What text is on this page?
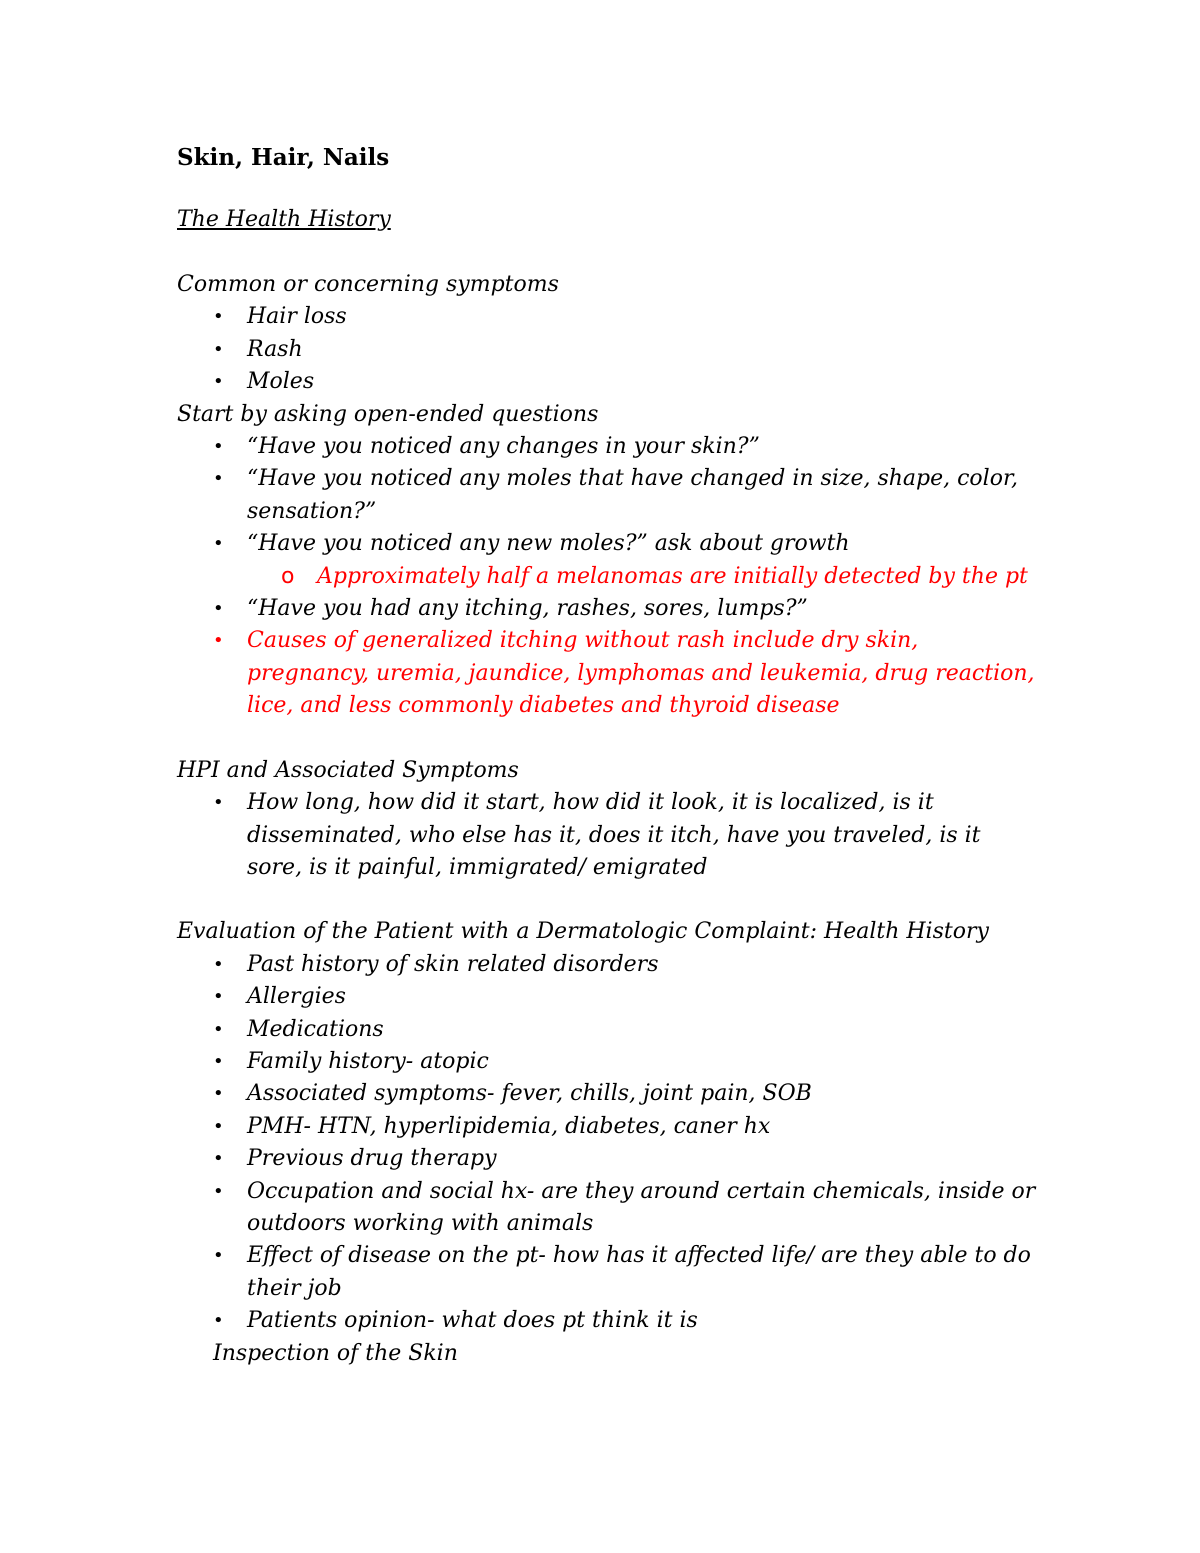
Skin, Hair, Nails

The Health History

Common or concerning symptoms

• Hair loss
• Rash
• Moles

Start by asking open-ended questions

• “Have you noticed any changes in your skin?”
• “Have you noticed any moles that have changed in size, shape, color, sensation?”
• “Have you noticed any new moles?” ask about growth
o Approximately half a melanomas are initially detected by the pt
• “Have you had any itching, rashes, sores, lumps?”
• Causes of generalized itching without rash include dry skin, pregnancy, uremia, jaundice, lymphomas and leukemia, drug reaction, lice, and less commonly diabetes and thyroid disease

HPI and Associated Symptoms

• How long, how did it start, how did it look, it is localized, is it disseminated, who else has it, does it itch, have you traveled, is it sore, is it painful, immigrated/ emigrated

Evaluation of the Patient with a Dermatologic Complaint: Health History

• Past history of skin related disorders
• Allergies
• Medications
• Family history- atopic
• Associated symptoms- fever, chills, joint pain, SOB
• PMH- HTN, hyperlipidemia, diabetes, caner hx
• Previous drug therapy
• Occupation and social hx- are they around certain chemicals, inside or outdoors working with animals
• Effect of disease on the pt- how has it affected life/ are they able to do their job
• Patients opinion- what does pt think it is

Inspection of the Skin
